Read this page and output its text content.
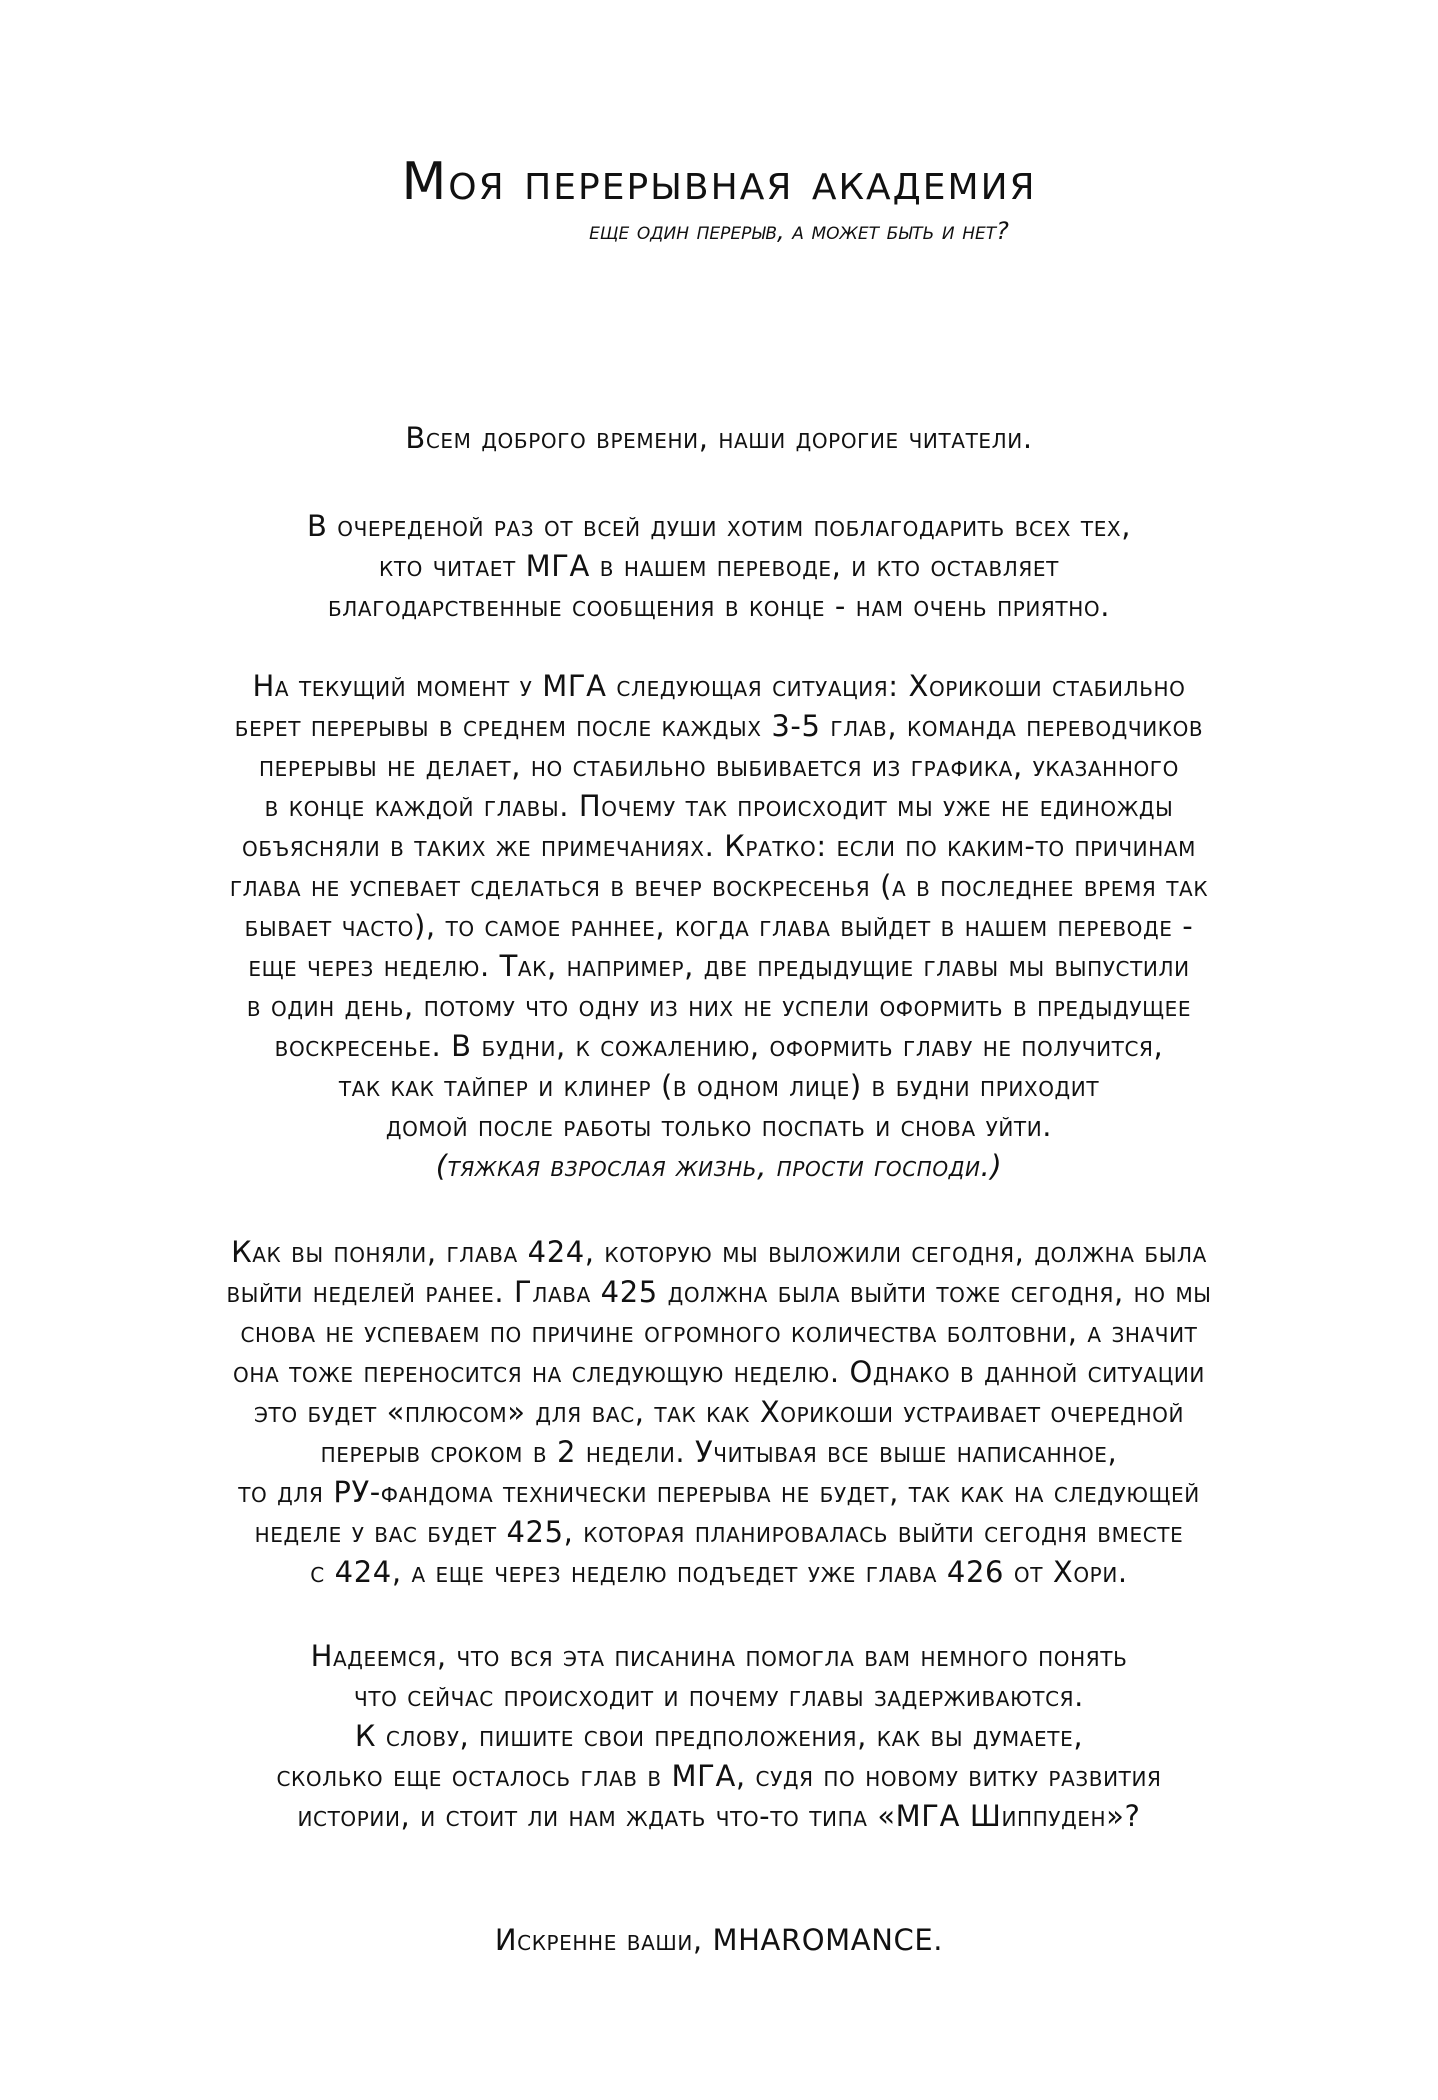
Моя перерывная академия
еще один перерыв, а может быть и нет?
Всем доброго времени, наши дорогие читатели.
В очереденой раз от всей души хотим поблагодарить всех тех,
кто читает МГА в нашем переводе, и кто оставляет
благодарственные сообщения в конце - нам очень приятно.
На текущий момент у МГА следующая ситуация: Хорикоши стабильно
берет перерывы в среднем после каждых 3-5 глав, команда переводчиков
перерывы не делает, но стабильно выбивается из графика, указанного
в конце каждой главы. Почему так происходит мы уже не единожды
объясняли в таких же примечаниях. Кратко: если по каким-то причинам
глава не успевает сделаться в вечер воскресенья (а в последнее время так
бывает часто), то самое раннее, когда глава выйдет в нашем переводе -
еще через неделю. Так, например, две предыдущие главы мы выпустили
в один день, потому что одну из них не успели оформить в предыдущее
воскресенье. В будни, к сожалению, оформить главу не получится,
так как тайпер и клинер (в одном лице) в будни приходит
домой после работы только поспать и снова уйти.
(тяжкая взрослая жизнь, прости господи.)
Как вы поняли, глава 424, которую мы выложили сегодня, должна была
выйти неделей ранее. Глава 425 должна была выйти тоже сегодня, но мы
снова не успеваем по причине огромного количества болтовни, а значит
она тоже переносится на следующую неделю. Однако в данной ситуации
это будет «плюсом» для вас, так как Хорикоши устраивает очередной
перерыв сроком в 2 недели. Учитывая все выше написанное,
то для РУ-фандома технически перерыва не будет, так как на следующей
неделе у вас будет 425, которая планировалась выйти сегодня вместе
с 424, а еще через неделю подъедет уже глава 426 от Хори.
Надеемся, что вся эта писанина помогла вам немного понять
что сейчас происходит и почему главы задерживаются.
К слову, пишите свои предположения, как вы думаете,
сколько еще осталось глав в МГА, судя по новому витку развития
истории, и стоит ли нам ждать что-то типа «МГА Шиппуден»?
Искренне ваши, MHAROMANCE.
